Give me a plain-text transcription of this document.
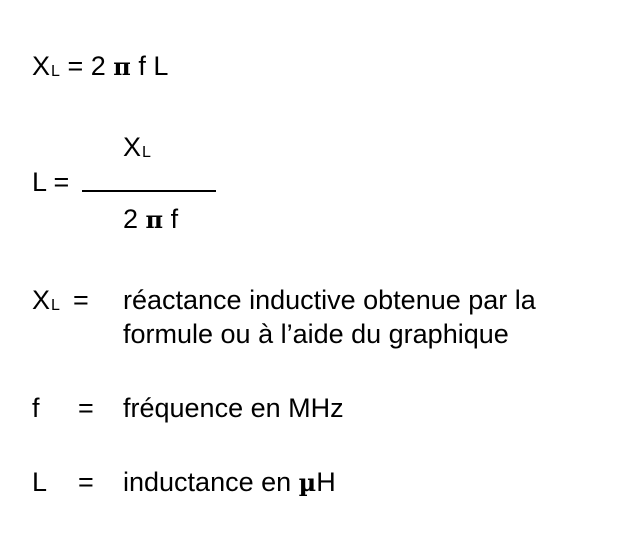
XL = 2 π f L
XL
L =
2 π f
XL = réactance inductive obtenue par la
formule ou à l’aide du graphique
f = fréquence en MHz
L = inductance en µH
